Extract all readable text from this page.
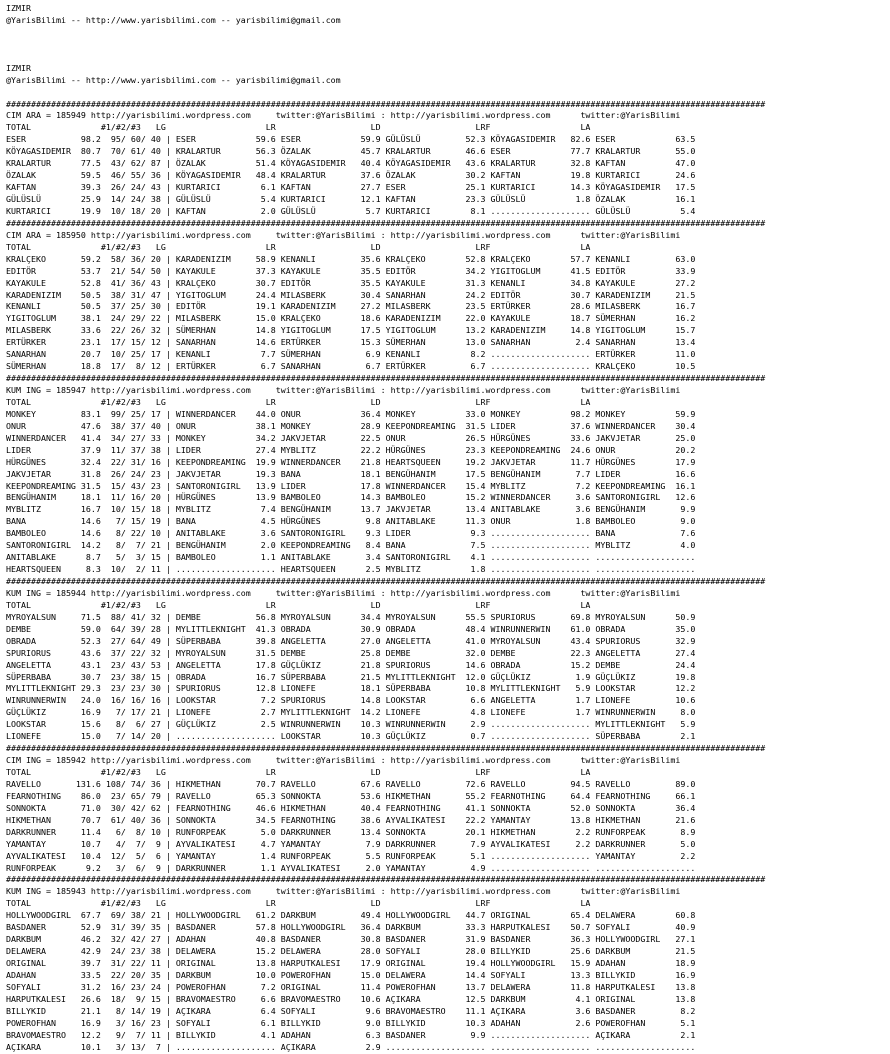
IZMIR
@YarisBilimi -- http://www.yarisbilimi.com -- yarisbilimi@gmail.com

IZMIR
@YarisBilimi -- http://www.yarisbilimi.com -- yarisbilimi@gmail.com

########################################################################################################################################################
CIM ARA = 185949 http://yarisbilimi.wordpress.com     twitter:@YarisBilimi : http://yarisbilimi.wordpress.com      twitter:@YarisBilimi
TOTAL              #1/#2/#3   LG                    LR                   LD                   LRF                  LA
ESER           98.2  95/ 60/ 40 | ESER            59.6 ESER            59.9 GÜLÜSLÜ         52.3 KÖYAGASIDEMIR   82.6 ESER            63.5
KÖYAGASIDEMIR  80.7  70/ 61/ 40 | KRALARTUR       56.3 ÖZALAK          45.7 KRALARTUR       46.6 ESER            77.7 KRALARTUR       55.0
KRALARTUR      77.5  43/ 62/ 87 | ÖZALAK          51.4 KÖYAGASIDEMIR   40.4 KÖYAGASIDEMIR   43.6 KRALARTUR       32.8 KAFTAN          47.0
ÖZALAK         59.5  46/ 55/ 36 | KÖYAGASIDEMIR   48.4 KRALARTUR       37.6 ÖZALAK          30.2 KAFTAN          19.8 KURTARICI       24.6
KAFTAN         39.3  26/ 24/ 43 | KURTARICI        6.1 KAFTAN          27.7 ESER            25.1 KURTARICI       14.3 KÖYAGASIDEMIR   17.5
GÜLÜSLÜ        25.9  14/ 24/ 38 | GÜLÜSLÜ          5.4 KURTARICI       12.1 KAFTAN          23.3 GÜLÜSLÜ          1.8 ÖZALAK          16.1
KURTARICI      19.9  10/ 18/ 20 | KAFTAN           2.0 GÜLÜSLÜ          5.7 KURTARICI        8.1 .................... GÜLÜSLÜ          5.4
########################################################################################################################################################
CIM ARA = 185950 http://yarisbilimi.wordpress.com     twitter:@YarisBilimi : http://yarisbilimi.wordpress.com      twitter:@YarisBilimi
TOTAL              #1/#2/#3   LG                    LR                   LD                   LRF                  LA
KRALÇEKO       59.2  58/ 36/ 20 | KARADENIZIM     58.9 KENANLI         35.6 KRALÇEKO        52.8 KRALÇEKO        57.7 KENANLI         63.0
EDITÖR         53.7  21/ 54/ 50 | KAYAKULE        37.3 KAYAKULE        35.5 EDITÖR          34.2 YIGITOGLUM      41.5 EDITÖR          33.9
KAYAKULE       52.8  41/ 36/ 43 | KRALÇEKO        30.7 EDITÖR          35.5 KAYAKULE        31.3 KENANLI         34.8 KAYAKULE        27.2
KARADENIZIM    50.5  38/ 31/ 47 | YIGITOGLUM      24.4 MILASBERK       30.4 SANARHAN        24.2 EDITÖR          30.7 KARADENIZIM     21.5
KENANLI        50.5  37/ 25/ 30 | EDITÖR          19.1 KARADENIZIM     27.2 MILASBERK       23.5 ERTÜRKER        28.6 MILASBERK       16.7
YIGITOGLUM     38.1  24/ 29/ 22 | MILASBERK       15.0 KRALÇEKO        18.6 KARADENIZIM     22.0 KAYAKULE        18.7 SÜMERHAN        16.2
MILASBERK      33.6  22/ 26/ 32 | SÜMERHAN        14.8 YIGITOGLUM      17.5 YIGITOGLUM      13.2 KARADENIZIM     14.8 YIGITOGLUM      15.7
ERTÜRKER       23.1  17/ 15/ 12 | SANARHAN        14.6 ERTÜRKER        15.3 SÜMERHAN        13.0 SANARHAN         2.4 SANARHAN        13.4
SANARHAN       20.7  10/ 25/ 17 | KENANLI          7.7 SÜMERHAN         6.9 KENANLI          8.2 .................... ERTÜRKER        11.0
SÜMERHAN       18.8  17/  8/ 12 | ERTÜRKER         6.7 SANARHAN         6.7 ERTÜRKER         6.7 .................... KRALÇEKO        10.5
########################################################################################################################################################
KUM ING = 185947 http://yarisbilimi.wordpress.com     twitter:@YarisBilimi : http://yarisbilimi.wordpress.com      twitter:@YarisBilimi
TOTAL              #1/#2/#3   LG                    LR                   LD                   LRF                  LA
MONKEY         83.1  99/ 25/ 17 | WINNERDANCER    44.0 ONUR            36.4 MONKEY          33.0 MONKEY          98.2 MONKEY          59.9
ONUR           47.6  38/ 37/ 40 | ONUR            38.1 MONKEY          28.9 KEEPONDREAMING  31.5 LIDER           37.6 WINNERDANCER    30.4
WINNERDANCER   41.4  34/ 27/ 33 | MONKEY          34.2 JAKVJETAR       22.5 ONUR            26.5 HÜRGÜNES        33.6 JAKVJETAR       25.0
LIDER          37.9  11/ 37/ 38 | LIDER           27.4 MYBLITZ         22.2 HÜRGÜNES        23.3 KEEPONDREAMING  24.6 ONUR            20.2
HÜRGÜNES       32.4  22/ 31/ 16 | KEEPONDREAMING  19.9 WINNERDANCER    21.8 HEARTSQUEEN     19.2 JAKVJETAR       11.7 HÜRGÜNES        17.9
JAKVJETAR      31.8  26/ 24/ 23 | JAKVJETAR       19.3 BANA            18.1 BENGÜHANIM      17.5 BENGÜHANIM       7.7 LIDER           16.6
KEEPONDREAMING 31.5  15/ 43/ 23 | SANTORONIGIRL   13.9 LIDER           17.8 WINNERDANCER    15.4 MYBLITZ          7.2 KEEPONDREAMING  16.1
BENGÜHANIM     18.1  11/ 16/ 20 | HÜRGÜNES        13.9 BAMBOLEO        14.3 BAMBOLEO        15.2 WINNERDANCER     3.6 SANTORONIGIRL   12.6
MYBLITZ        16.7  10/ 15/ 18 | MYBLITZ          7.4 BENGÜHANIM      13.7 JAKVJETAR       13.4 ANITABLAKE       3.6 BENGÜHANIM       9.9
BANA           14.6   7/ 15/ 19 | BANA             4.5 HÜRGÜNES         9.8 ANITABLAKE      11.3 ONUR             1.8 BAMBOLEO         9.0
BAMBOLEO       14.6   8/ 22/ 10 | ANITABLAKE       3.6 SANTORONIGIRL    9.3 LIDER            9.3 .................... BANA             7.6
SANTORONIGIRL  14.2   8/  7/ 21 | BENGÜHANIM       2.0 KEEPONDREAMING   8.4 BANA             7.5 .................... MYBLITZ          4.0
ANITABLAKE      8.7   5/  3/ 15 | BAMBOLEO         1.1 ANITABLAKE       3.4 SANTORONIGIRL    4.1 .................... ....................
HEARTSQUEEN     8.3  10/  2/ 11 | .................... HEARTSQUEEN      2.5 MYBLITZ          1.8 .................... ....................
########################################################################################################################################################
KUM ING = 185944 http://yarisbilimi.wordpress.com     twitter:@YarisBilimi : http://yarisbilimi.wordpress.com      twitter:@YarisBilimi
TOTAL              #1/#2/#3   LG                    LR                   LD                   LRF                  LA
MYROYALSUN     71.5  88/ 41/ 32 | DEMBE           56.8 MYROYALSUN      34.4 MYROYALSUN      55.5 SPURIORUS       69.8 MYROYALSUN      50.9
DEMBE          59.0  64/ 39/ 28 | MYLITTLEKNIGHT  41.3 OBRADA          30.9 OBRADA          48.4 WINRUNNERWIN    61.0 OBRADA          35.0
OBRADA         52.3  27/ 64/ 49 | SÜPERBABA       39.8 ANGELETTA       27.0 ANGELETTA       41.0 MYROYALSUN      43.4 SPURIORUS       32.9
SPURIORUS      43.6  37/ 22/ 32 | MYROYALSUN      31.5 DEMBE           25.8 DEMBE           32.0 DEMBE           22.3 ANGELETTA       27.4
ANGELETTA      43.1  23/ 43/ 53 | ANGELETTA       17.8 GÜÇLÜKIZ        21.8 SPURIORUS       14.6 OBRADA          15.2 DEMBE           24.4
SÜPERBABA      30.7  23/ 38/ 15 | OBRADA          16.7 SÜPERBABA       21.5 MYLITTLEKNIGHT  12.0 GÜÇLÜKIZ         1.9 GÜÇLÜKIZ        19.8
MYLITTLEKNIGHT 29.3  23/ 23/ 30 | SPURIORUS       12.8 LIONEFE         18.1 SÜPERBABA       10.8 MYLITTLEKNIGHT   5.9 LOOKSTAR        12.2
WINRUNNERWIN   24.0  16/ 16/ 16 | LOOKSTAR         7.2 SPURIORUS       14.8 LOOKSTAR         6.6 ANGELETTA        1.7 LIONEFE         10.6
GÜÇLÜKIZ       16.9   7/ 17/ 21 | LIONEFE          2.7 MYLITTLEKNIGHT  14.2 LIONEFE          4.8 LIONEFE          1.7 WINRUNNERWIN     8.0
LOOKSTAR       15.6   8/  6/ 27 | GÜÇLÜKIZ         2.5 WINRUNNERWIN    10.3 WINRUNNERWIN     2.9 .................... MYLITTLEKNIGHT   5.9
LIONEFE        15.0   7/ 14/ 20 | .................... LOOKSTAR        10.3 GÜÇLÜKIZ         0.7 .................... SÜPERBABA        2.1
########################################################################################################################################################
CIM ING = 185942 http://yarisbilimi.wordpress.com     twitter:@YarisBilimi : http://yarisbilimi.wordpress.com      twitter:@YarisBilimi
TOTAL              #1/#2/#3   LG                    LR                   LD                   LRF                  LA
RAVELLO       131.6 108/ 74/ 36 | HIKMETHAN       70.7 RAVELLO         67.6 RAVELLO         72.6 RAVELLO         94.5 RAVELLO         89.0
FEARNOTHING    86.0  23/ 65/ 79 | RAVELLO         65.3 SONNOKTA        53.6 HIKMETHAN       55.2 FEARNOTHING     64.4 FEARNOTHING     66.1
SONNOKTA       71.0  30/ 42/ 62 | FEARNOTHING     46.6 HIKMETHAN       40.4 FEARNOTHING     41.1 SONNOKTA        52.0 SONNOKTA        36.4
HIKMETHAN      70.7  61/ 40/ 36 | SONNOKTA        34.5 FEARNOTHING     38.6 AYVALIKATESI    22.2 YAMANTAY        13.8 HIKMETHAN       21.6
DARKRUNNER     11.4   6/  8/ 10 | RUNFORPEAK       5.0 DARKRUNNER      13.4 SONNOKTA        20.1 HIKMETHAN        2.2 RUNFORPEAK       8.9
YAMANTAY       10.7   4/  7/  9 | AYVALIKATESI     4.7 YAMANTAY         7.9 DARKRUNNER       7.9 AYVALIKATESI     2.2 DARKRUNNER       5.0
AYVALIKATESI   10.4  12/  5/  6 | YAMANTAY         1.4 RUNFORPEAK       5.5 RUNFORPEAK       5.1 .................... YAMANTAY         2.2
RUNFORPEAK      9.2   3/  6/  9 | DARKRUNNER       1.1 AYVALIKATESI     2.0 YAMANTAY         4.9 .................... ....................
########################################################################################################################################################
KUM ING = 185943 http://yarisbilimi.wordpress.com     twitter:@YarisBilimi : http://yarisbilimi.wordpress.com      twitter:@YarisBilimi
TOTAL              #1/#2/#3   LG                    LR                   LD                   LRF                  LA
HOLLYWOODGIRL  67.7  69/ 38/ 21 | HOLLYWOODGIRL   61.2 DARKBUM         49.4 HOLLYWOODGIRL   44.7 ORIGINAL        65.4 DELAWERA        60.8
BASDANER       52.9  31/ 39/ 35 | BASDANER        57.8 HOLLYWOODGIRL   36.4 DARKBUM         33.3 HARPUTKALESI    50.7 SOFYALI         40.9
DARKBUM        46.2  32/ 42/ 27 | ADAHAN          40.8 BASDANER        30.8 BASDANER        31.9 BASDANER        36.3 HOLLYWOODGIRL   27.1
DELAWERA       42.9  24/ 23/ 38 | DELAWERA        15.2 DELAWERA        28.0 SOFYALI         28.0 BILLYKID        25.6 DARKBUM         21.5
ORIGINAL       39.7  31/ 22/ 11 | ORIGINAL        13.8 HARPUTKALESI    17.9 ORIGINAL        19.4 HOLLYWOODGIRL   15.9 ADAHAN          18.9
ADAHAN         33.5  22/ 20/ 35 | DARKBUM         10.0 POWEROFHAN      15.0 DELAWERA        14.4 SOFYALI         13.3 BILLYKID        16.9
SOFYALI        31.2  16/ 23/ 24 | POWEROFHAN       7.2 ORIGINAL        11.4 POWEROFHAN      13.7 DELAWERA        11.8 HARPUTKALESI    13.8
HARPUTKALESI   26.6  18/  9/ 15 | BRAVOMAESTRO     6.6 BRAVOMAESTRO    10.6 AÇIKARA         12.5 DARKBUM          4.1 ORIGINAL        13.8
BILLYKID       21.1   8/ 14/ 19 | AÇIKARA          6.4 SOFYALI          9.6 BRAVOMAESTRO    11.1 AÇIKARA          3.6 BASDANER         8.2
POWEROFHAN     16.9   3/ 16/ 23 | SOFYALI          6.1 BILLYKID         9.0 BILLYKID        10.3 ADAHAN           2.6 POWEROFHAN       5.1
BRAVOMAESTRO   12.2   9/  7/ 11 | BILLYKID         4.1 ADAHAN           6.3 BASDANER         9.9 .................... AÇIKARA          2.1
AÇIKARA        10.1   3/ 13/  7 | .................... AÇIKARA          2.9 .................... .................... ....................
